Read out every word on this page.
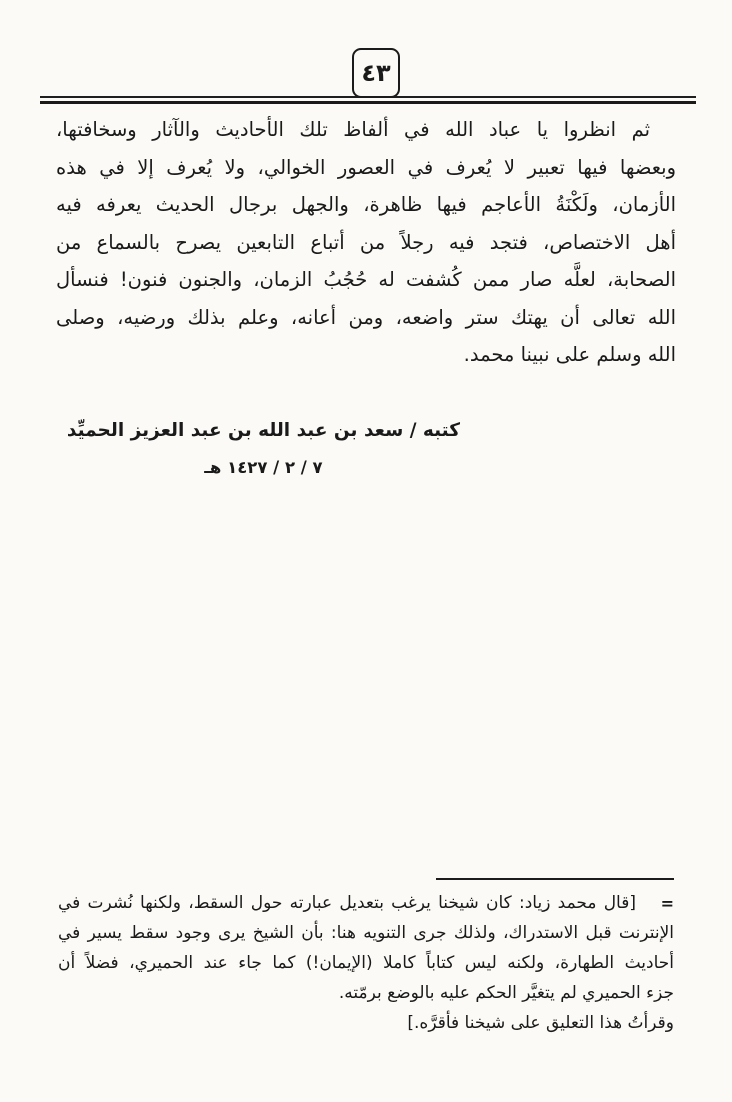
٤٣
ثم انظروا يا عباد الله في ألفاظ تلك الأحاديث والآثار وسخافتها،
وبعضها فيها تعبير لا يُعرف في العصور الخوالي، ولا يُعرف إلا في هذه
الأزمان، ولَكْنَةُ الأعاجم فيها ظاهرة، والجهل برجال الحديث يعرفه فيه
أهل الاختصاص، فتجد فيه رجلاً من أتباع التابعين يصرح بالسماع من
الصحابة، لعلَّه صار ممن كُشفت له حُجُبُ الزمان، والجنون فنون! فنسأل
الله تعالى أن يهتك ستر واضعه، ومن أعانه، وعلم بذلك ورضيه، وصلى
الله وسلم على نبينا محمد.
كتبه / سعد بن عبد الله بن عبد العزيز الحميِّد
٧ / ٢ / ١٤٢٧ هـ
=
[قال محمد زياد: كان شيخنا يرغب بتعديل عبارته حول السقط، ولكنها نُشرت في
الإنترنت قبل الاستدراك، ولذلك جرى التنويه هنا: بأن الشيخ يرى وجود سقط يسير في
أحاديث الطهارة، ولكنه ليس كتاباً كاملا (الإيمان!) كما جاء عند الحميري، فضلاً أن
جزء الحميري لم يتغيَّر الحكم عليه بالوضع برمّته.
وقرأتُ هذا التعليق على شيخنا فأقرَّه.]
